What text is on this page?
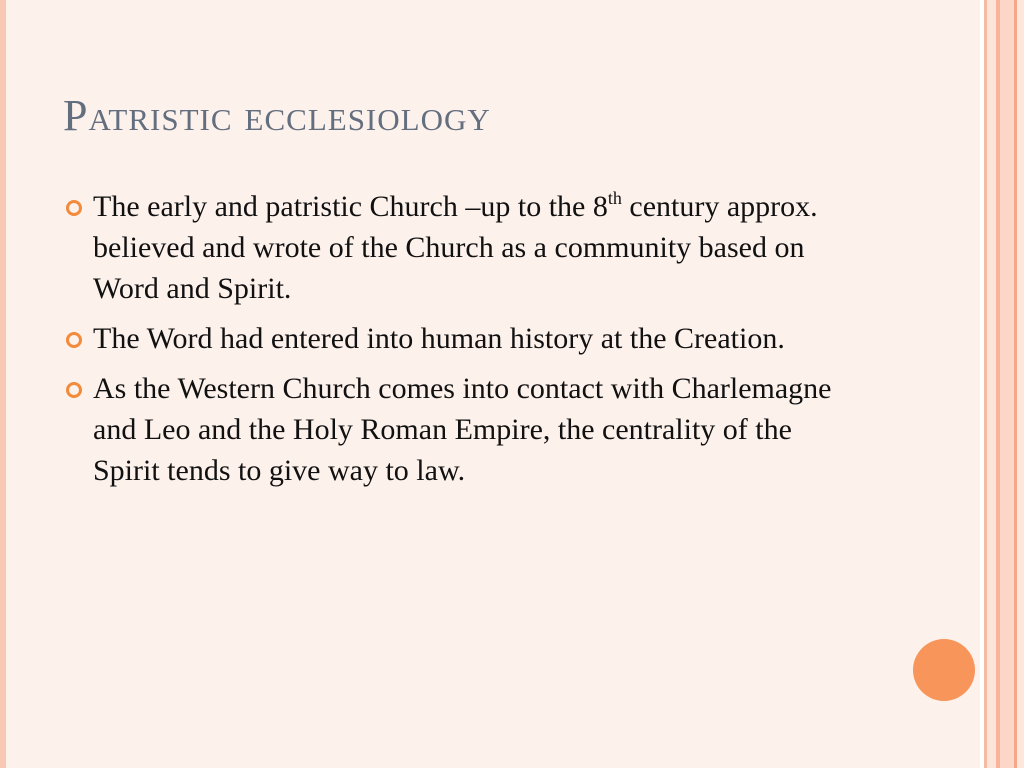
Patristic ecclesiology
The early and patristic Church –up to the 8th century approx. believed and wrote of the Church as a community based on Word and Spirit.
The Word had entered into human history at the Creation.
As the Western Church comes into contact with Charlemagne and Leo and the Holy Roman Empire, the centrality of the Spirit tends to give way to law.
